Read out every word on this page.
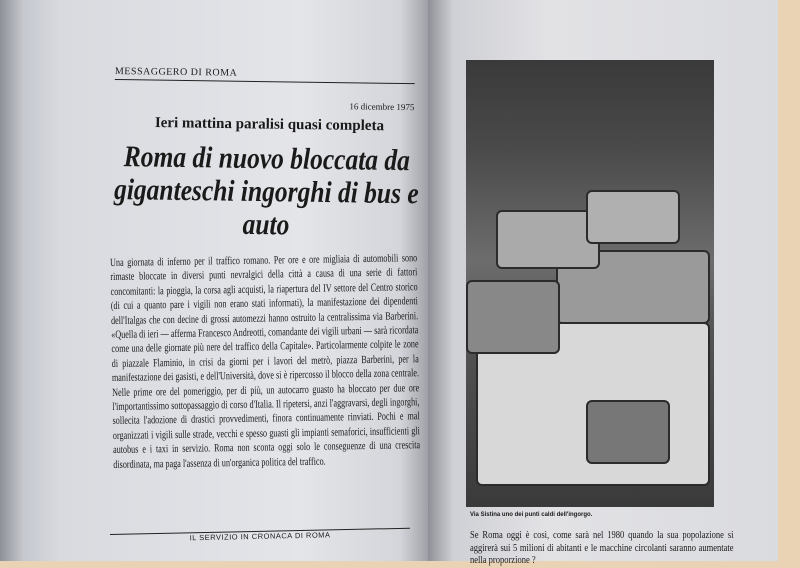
MESSAGGERO DI ROMA
16 dicembre 1975
Ieri mattina paralisi quasi completa
Roma di nuovo bloccata da giganteschi ingorghi di bus e auto
Una giornata di inferno per il traffico romano. Per ore e ore migliaia di automobili sono rimaste bloccate in diversi punti nevralgici della città a causa di una serie di fattori concomitanti: la pioggia, la corsa agli acquisti, la riapertura del IV settore del Centro storico (di cui a quanto pare i vigili non erano stati informati), la manifestazione dei dipendenti dell'Italgas che con decine di grossi automezzi hanno ostruito la centralissima via Barberini. «Quella di ieri — afferma Francesco Andreotti, comandante dei vigili urbani — sarà ricordata come una delle giornate più nere del traffico della Capitale». Particolarmente colpite le zone di piazzale Flaminio, in crisi da giorni per i lavori del metrò, piazza Barberini, per la manifestazione dei gasisti, e dell'Università, dove si è ripercosso il blocco della zona centrale. Nelle prime ore del pomeriggio, per di più, un autocarro guasto ha bloccato per due ore l'importantissimo sottopassaggio di corso d'Italia. Il ripetersi, anzi l'aggravarsi, degli ingorghi, sollecita l'adozione di drastici provvedimenti, finora continuamente rinviati. Pochi e mal organizzati i vigili sulle strade, vecchi e spesso guasti gli impianti semaforici, insufficienti gli autobus e i taxi in servizio. Roma non sconta oggi solo le conseguenze di una crescita disordinata, ma paga l'assenza di un'organica politica del traffico.
IL SERVIZIO IN CRONACA DI ROMA
Via Sistina uno dei punti caldi dell'ingorgo.
Se Roma oggi è così, come sarà nel 1980 quando la sua popolazione si aggirerà sui 5 milioni di abitanti e le macchine circolanti saranno aumentate nella proporzione ?
